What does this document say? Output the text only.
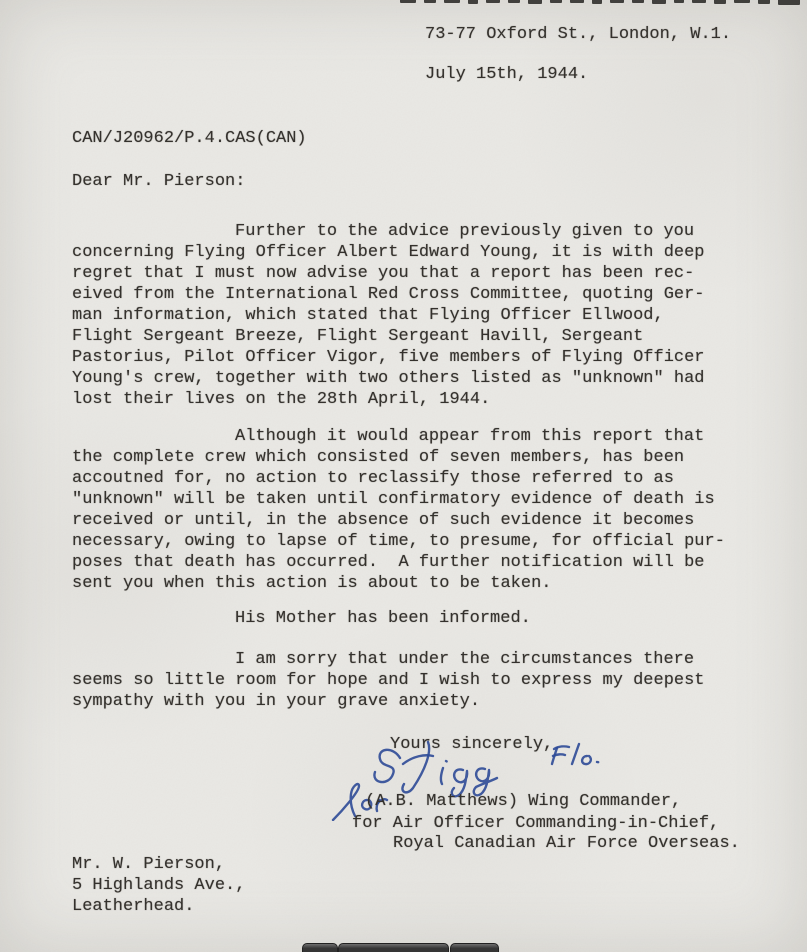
73-77 Oxford St., London, W.1.
July 15th, 1944.
CAN/J20962/P.4.CAS(CAN)
Dear Mr. Pierson:
Further to the advice previously given to you
concerning Flying Officer Albert Edward Young, it is with deep
regret that I must now advise you that a report has been rec-
eived from the International Red Cross Committee, quoting Ger-
man information, which stated that Flying Officer Ellwood,
Flight Sergeant Breeze, Flight Sergeant Havill, Sergeant
Pastorius, Pilot Officer Vigor, five members of Flying Officer
Young's crew, together with two others listed as "unknown" had
lost their lives on the 28th April, 1944.
Although it would appear from this report that
the complete crew which consisted of seven members, has been
accoutned for, no action to reclassify those referred to as
"unknown" will be taken until confirmatory evidence of death is
received or until, in the absence of such evidence it becomes
necessary, owing to lapse of time, to presume, for official pur-
poses that death has occurred.  A further notification will be
sent you when this action is about to be taken.
His Mother has been informed.
I am sorry that under the circumstances there
seems so little room for hope and I wish to express my deepest
sympathy with you in your grave anxiety.
Yours sincerely,
(A.B. Matthews) Wing Commander,
for Air Officer Commanding-in-Chief,
Royal Canadian Air Force Overseas.
Mr. W. Pierson,
5 Highlands Ave.,
Leatherhead.
